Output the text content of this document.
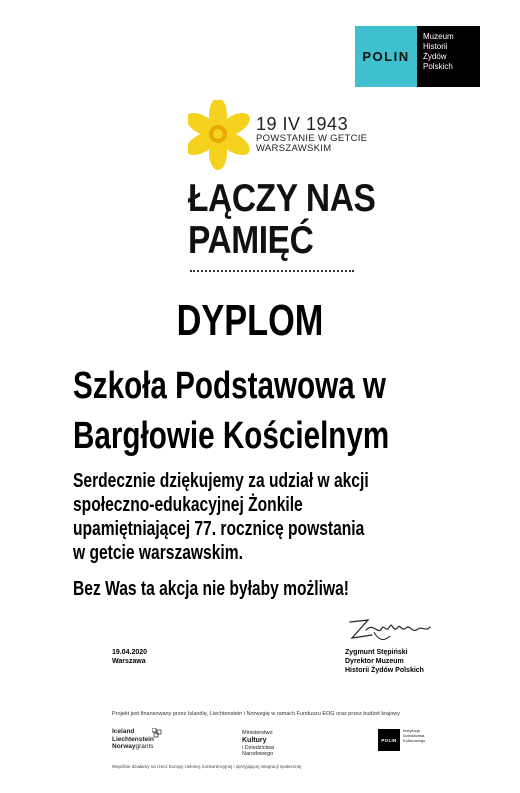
POLIN
Muzeum
Historii
Żydów
Polskich
19 IV 1943
POWSTANIE W GETCIE
WARSZAWSKIM
ŁĄCZY NAS
PAMIĘĆ
DYPLOM
Szkoła Podstawowa w
Bargłowie Kościelnym
Serdecznie dziękujemy za udział w akcji
społeczno-edukacyjnej Żonkile
upamiętniającej 77. rocznicę powstania
w getcie warszawskim.
Bez Was ta akcja nie byłaby możliwa!
19.04.2020
Warszawa
Zygmunt Stępiński
Dyrektor Muzeum
Historii Żydów Polskich
Projekt jest finansowany przez Islandię, Liechtenstein i Norwegię w ramach Funduszu EOG oraz przez budżet krajowy
Iceland
Liechtenstein
Norwaygrants
Ministerstwo
Kultury
i Dziedzictwa
Narodowego
POLIN
Instytucja
Dziedzictwa
Kulturowego
Wspólnie działamy na rzecz Europy zielonej, konkurencyjnej i sprzyjającej integracji społecznej
